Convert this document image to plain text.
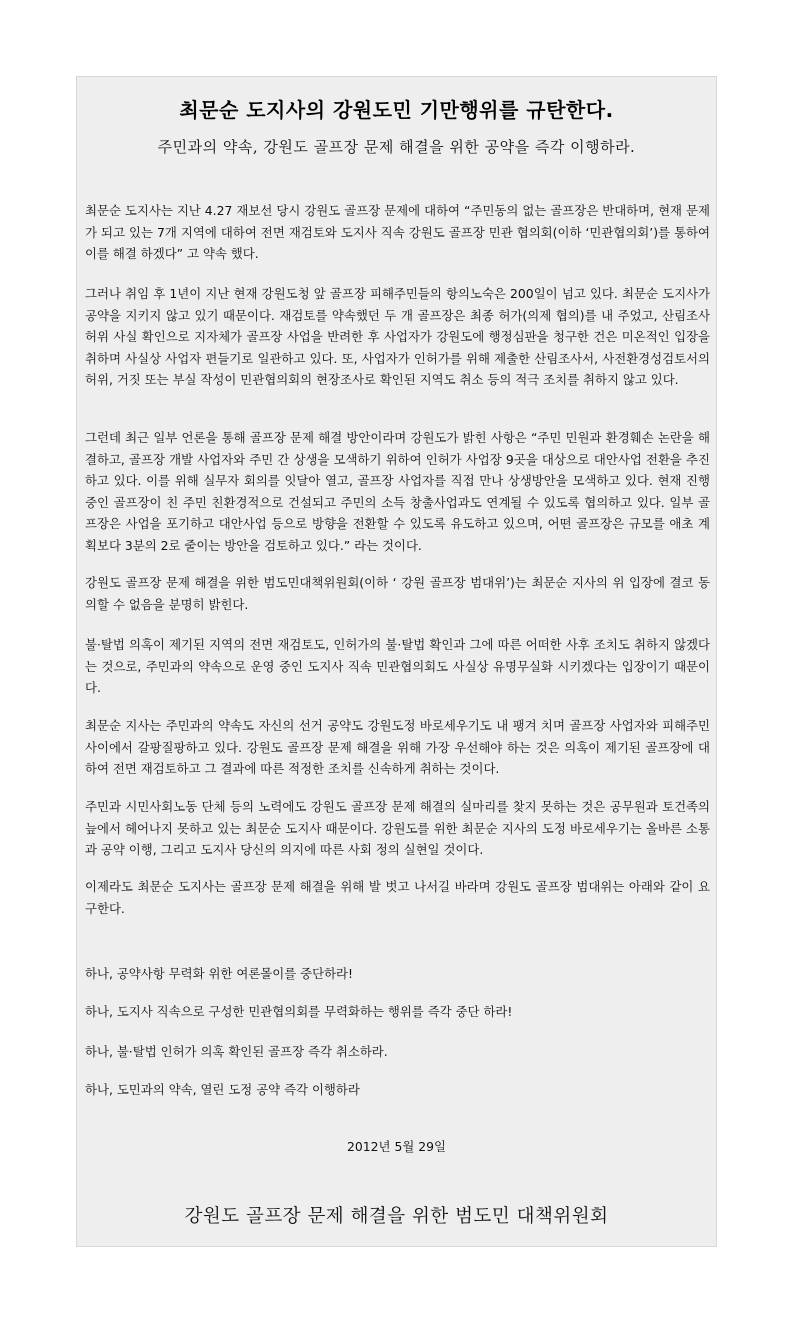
최문순 도지사의 강원도민 기만행위를 규탄한다.
주민과의 약속, 강원도 골프장 문제 해결을 위한 공약을 즉각 이행하라.

최문순 도지사는 지난 4.27 재보선 당시 강원도 골프장 문제에 대하여 “주민동의 없는 골프장은 반대하며, 현재 문제가 되고 있는 7개 지역에 대하여 전면 재검토와 도지사 직속 강원도 골프장 민관 협의회(이하 ‘민관협의회’)를 통하여 이를 해결 하겠다” 고 약속 했다.

그러나 취임 후 1년이 지난 현재 강원도청 앞 골프장 피해주민들의 항의노숙은 200일이 넘고 있다. 최문순 도지사가 공약을 지키지 않고 있기 때문이다. 재검토를 약속했던 두 개 골프장은 최종 허가(의제 협의)를 내 주었고, 산림조사 허위 사실 확인으로 지자체가 골프장 사업을 반려한 후 사업자가 강원도에 행정심판을 청구한 건은 미온적인 입장을 취하며 사실상 사업자 편들기로 일관하고 있다. 또, 사업자가 인허가를 위해 제출한 산림조사서, 사전환경성검토서의 허위, 거짓 또는 부실 작성이 민관협의회의 현장조사로 확인된 지역도 취소 등의 적극 조치를 취하지 않고 있다.

그런데 최근 일부 언론을 통해 골프장 문제 해결 방안이라며 강원도가 밝힌 사항은 “주민 민원과 환경훼손 논란을 해결하고, 골프장 개발 사업자와 주민 간 상생을 모색하기 위하여 인허가 사업장 9곳을 대상으로 대안사업 전환을 추진하고 있다. 이를 위해 실무자 회의를 잇달아 열고, 골프장 사업자를 직접 만나 상생방안을 모색하고 있다. 현재 진행 중인 골프장이 친 주민 친환경적으로 건설되고 주민의 소득 창출사업과도 연계될 수 있도록 협의하고 있다. 일부 골프장은 사업을 포기하고 대안사업 등으로 방향을 전환할 수 있도록 유도하고 있으며, 어떤 골프장은 규모를 애초 계획보다 3분의 2로 줄이는 방안을 검토하고 있다.” 라는 것이다.

강원도 골프장 문제 해결을 위한 범도민대책위원회(이하 ‘ 강원 골프장 범대위’)는 최문순 지사의 위 입장에 결코 동의할 수 없음을 분명히 밝힌다.

불·탈법 의혹이 제기된 지역의 전면 재검토도, 인허가의 불·탈법 확인과 그에 따른 어떠한 사후 조치도 취하지 않겠다는 것으로, 주민과의 약속으로 운영 중인 도지사 직속 민관협의회도 사실상 유명무실화 시키겠다는 입장이기 때문이다.

최문순 지사는 주민과의 약속도 자신의 선거 공약도 강원도정 바로세우기도 내 팽겨 치며 골프장 사업자와 피해주민 사이에서 갈팡질팡하고 있다. 강원도 골프장 문제 해결을 위해 가장 우선해야 하는 것은 의혹이 제기된 골프장에 대하여 전면 재검토하고 그 결과에 따른 적정한 조치를 신속하게 취하는 것이다.

주민과 시민사회노동 단체 등의 노력에도 강원도 골프장 문제 해결의 실마리를 찾지 못하는 것은 공무원과 토건족의 늪에서 헤어나지 못하고 있는 최문순 도지사 때문이다. 강원도를 위한 최문순 지사의 도정 바로세우기는 올바른 소통과 공약 이행, 그리고 도지사 당신의 의지에 따른 사회 정의 실현일 것이다.

이제라도 최문순 도지사는 골프장 문제 해결을 위해 발 벗고 나서길 바라며 강원도 골프장 범대위는 아래와 같이 요구한다.

하나, 공약사항 무력화 위한 여론몰이를 중단하라!

하나, 도지사 직속으로 구성한 민관협의회를 무력화하는 행위를 즉각 중단 하라!

하나, 불·탈법 인허가 의혹 확인된 골프장 즉각 취소하라.

하나, 도민과의 약속, 열린 도정 공약 즉각 이행하라

2012년 5월 29일
강원도 골프장 문제 해결을 위한 범도민 대책위원회
